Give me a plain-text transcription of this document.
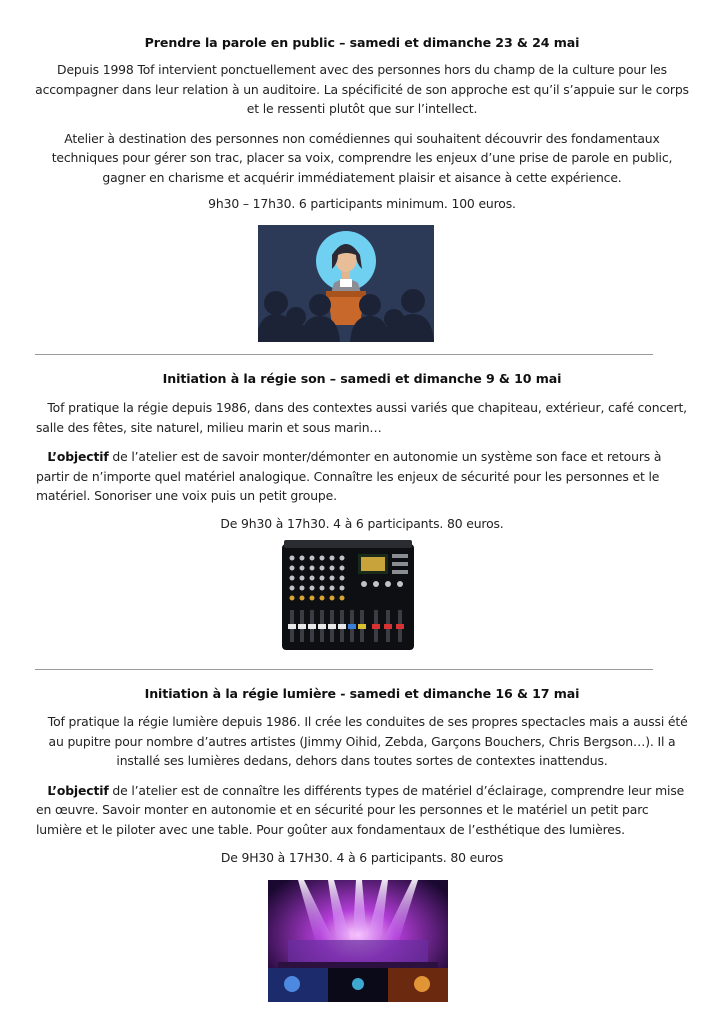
Prendre la parole en public – samedi et dimanche 23 & 24 mai

Depuis 1998 Tof intervient ponctuellement avec des personnes hors du champ de la culture pour les accompagner dans leur relation à un auditoire. La spécificité de son approche est qu’il s’appuie sur le corps et le ressenti plutôt que sur l’intellect.

Atelier à destination des personnes non comédiennes qui souhaitent découvrir des fondamentaux techniques pour gérer son trac, placer sa voix, comprendre les enjeux d’une prise de parole en public, gagner en charisme et acquérir immédiatement plaisir et aisance à cette expérience.

9h30 – 17h30. 6 participants minimum. 100 euros.

Initiation à la régie son – samedi et dimanche 9 & 10 mai

Tof pratique la régie depuis 1986, dans des contextes aussi variés que chapiteau, extérieur, café concert, salle des fêtes, site naturel, milieu marin et sous marin…

L’objectif de l’atelier est de savoir monter/démonter en autonomie un système son face et retours à partir de n’importe quel matériel analogique. Connaître les enjeux de sécurité pour les personnes et le matériel. Sonoriser une voix puis un petit groupe.

De 9h30 à 17h30. 4 à 6 participants. 80 euros.

Initiation à la régie lumière - samedi et dimanche 16 & 17 mai

Tof pratique la régie lumière depuis 1986. Il crée les conduites de ses propres spectacles mais a aussi été au pupitre pour nombre d’autres artistes (Jimmy Oihid, Zebda, Garçons Bouchers, Chris Bergson…). Il a installé ses lumières dedans, dehors dans toutes sortes de contextes inattendus.

L’objectif de l’atelier est de connaître les différents types de matériel d’éclairage, comprendre leur mise en œuvre. Savoir monter en autonomie et en sécurité pour les personnes et le matériel un petit parc lumière et le piloter avec une table. Pour goûter aux fondamentaux de l’esthétique des lumières.

De 9H30 à 17H30. 4 à 6 participants. 80 euros
